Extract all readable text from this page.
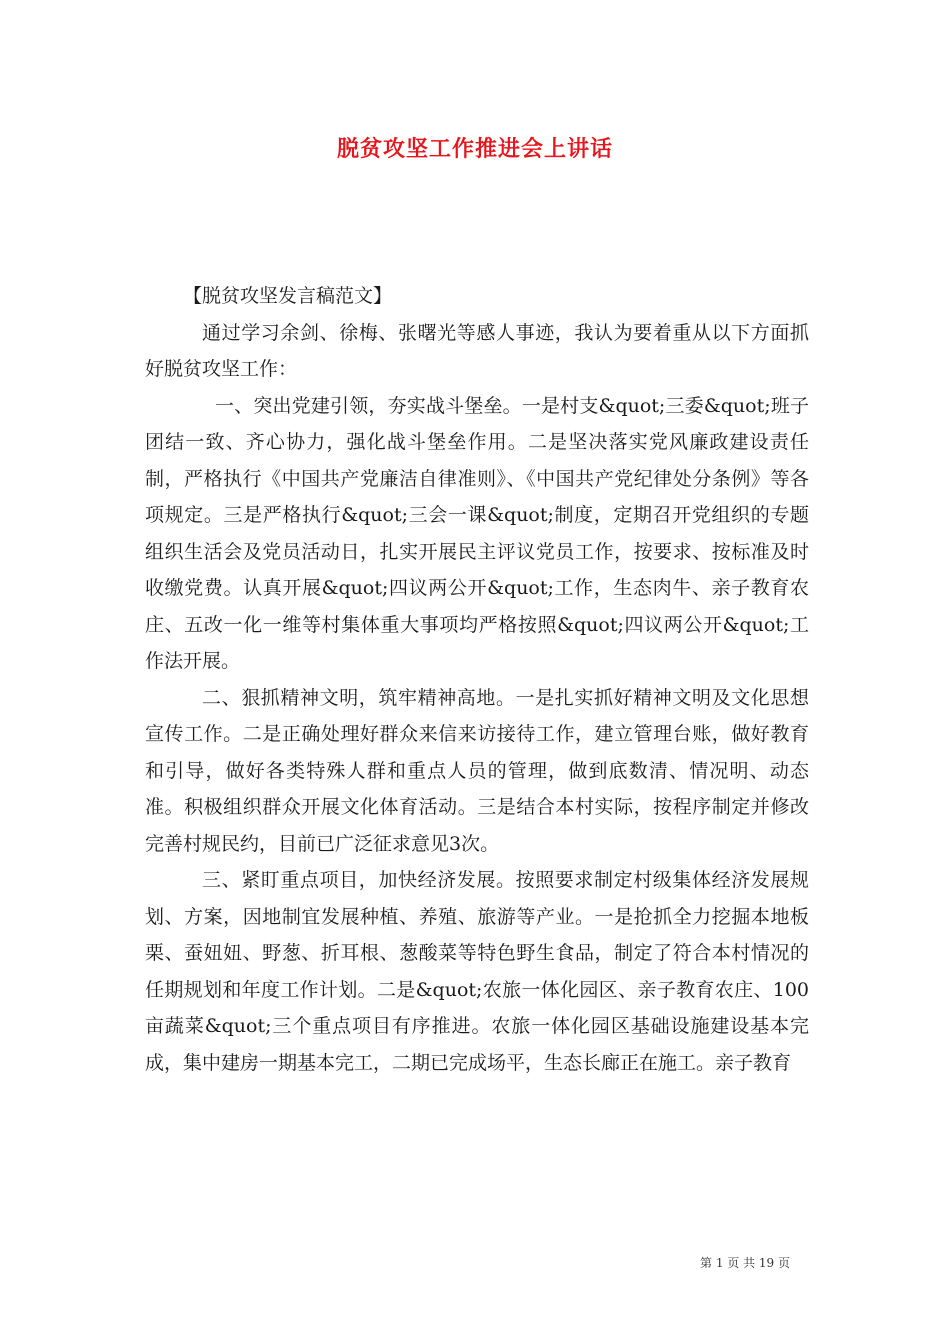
脱贫攻坚工作推进会上讲话

【脱贫攻坚发言稿范文】

通过学习余剑、徐梅、张曙光等感人事迹，我认为要着重从以下方面抓好脱贫攻坚工作：

一、突出党建引领，夯实战斗堡垒。一是村支&quot;三委&quot;班子团结一致、齐心协力，强化战斗堡垒作用。二是坚决落实党风廉政建设责任制，严格执行《中国共产党廉洁自律准则》、《中国共产党纪律处分条例》等各项规定。三是严格执行&quot;三会一课&quot;制度，定期召开党组织的专题组织生活会及党员活动日，扎实开展民主评议党员工作，按要求、按标准及时收缴党费。认真开展&quot;四议两公开&quot;工作，生态肉牛、亲子教育农庄、五改一化一维等村集体重大事项均严格按照&quot;四议两公开&quot;工作法开展。

二、狠抓精神文明，筑牢精神高地。一是扎实抓好精神文明及文化思想宣传工作。二是正确处理好群众来信来访接待工作，建立管理台账，做好教育和引导，做好各类特殊人群和重点人员的管理，做到底数清、情况明、动态准。积极组织群众开展文化体育活动。三是结合本村实际，按程序制定并修改完善村规民约，目前已广泛征求意见3次。

三、紧盯重点项目，加快经济发展。按照要求制定村级集体经济发展规划、方案，因地制宜发展种植、养殖、旅游等产业。一是抢抓全力挖掘本地板栗、蚕妞妞、野葱、折耳根、葱酸菜等特色野生食品，制定了符合本村情况的任期规划和年度工作计划。二是&quot;农旅一体化园区、亲子教育农庄、100亩蔬菜&quot;三个重点项目有序推进。农旅一体化园区基础设施建设基本完成，集中建房一期基本完工，二期已完成场平，生态长廊正在施工。亲子教育

第 1 页 共 19 页
